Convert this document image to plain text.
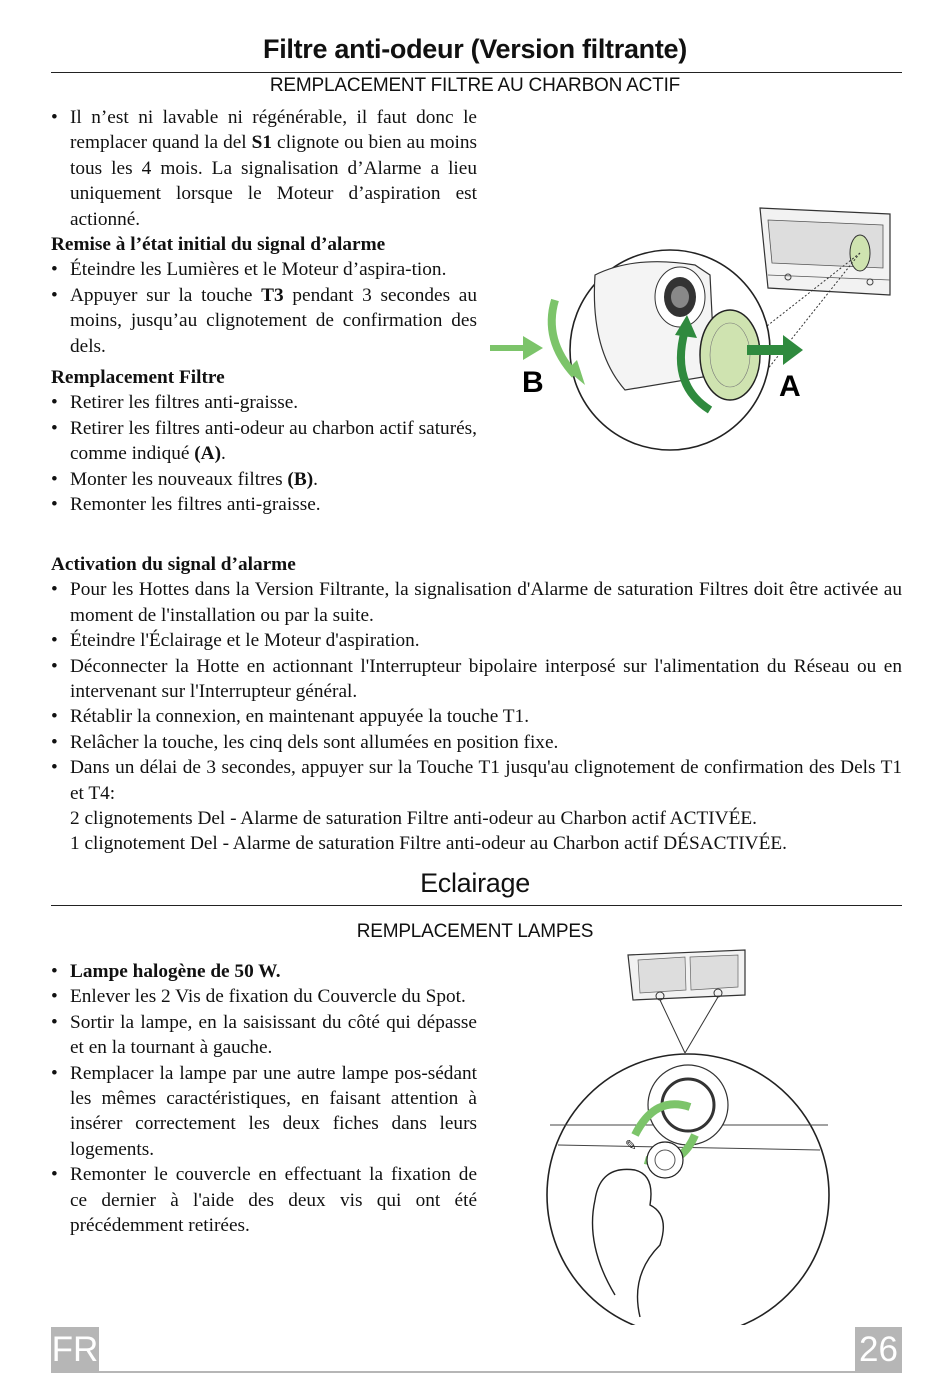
Filtre anti-odeur (Version filtrante)
REMPLACEMENT FILTRE AU CHARBON ACTIF
• Il n’est ni lavable ni régénérable, il faut donc le remplacer quand la del S1 clignote ou bien au moins tous les 4 mois. La signalisation d’Alarme a lieu uniquement lorsque le Moteur d’aspiration est actionné.
Remise à l’état initial du signal d’alarme
• Éteindre les Lumières et le Moteur d’aspira-tion.
• Appuyer sur la touche T3 pendant 3 secondes au moins, jusqu’au clignotement de confirmation des dels.
Remplacement Filtre
• Retirer les filtres anti-graisse.
• Retirer les filtres anti-odeur au charbon actif saturés, comme indiqué (A).
• Monter les nouveaux filtres (B).
• Remonter les filtres anti-graisse.
Activation du signal d’alarme
• Pour les Hottes dans la Version Filtrante, la signalisation d'Alarme de saturation Filtres doit être activée au moment de l'installation ou par la suite.
• Éteindre l'Éclairage et le Moteur d'aspiration.
• Déconnecter la Hotte en actionnant l'Interrupteur bipolaire interposé sur l'alimentation du Réseau ou en intervenant sur l'Interrupteur général.
• Rétablir la connexion, en maintenant appuyée la touche T1.
• Relâcher la touche, les cinq dels sont allumées en position fixe.
• Dans un délai de 3 secondes, appuyer sur la Touche T1 jusqu'au clignotement de confirmation des Dels T1 et T4:
2 clignotements Del - Alarme de saturation Filtre anti-odeur au Charbon actif ACTIVÉE.
1 clignotement Del - Alarme de saturation Filtre anti-odeur au Charbon actif DÉSACTIVÉE.
B	A
Eclairage
REMPLACEMENT LAMPES
• Lampe halogène de 50 W.
• Enlever les 2 Vis de fixation du Couvercle du Spot.
• Sortir la lampe, en la saisissant du côté qui dépasse et en la tournant à gauche.
• Remplacer la lampe par une autre lampe pos-sédant les mêmes caractéristiques, en faisant attention à insérer correctement les deux fiches dans leurs logements.
• Remonter le couvercle en effectuant la fixation de ce dernier à l'aide des deux vis qui ont été précédemment retirées.
✎
FR	26
